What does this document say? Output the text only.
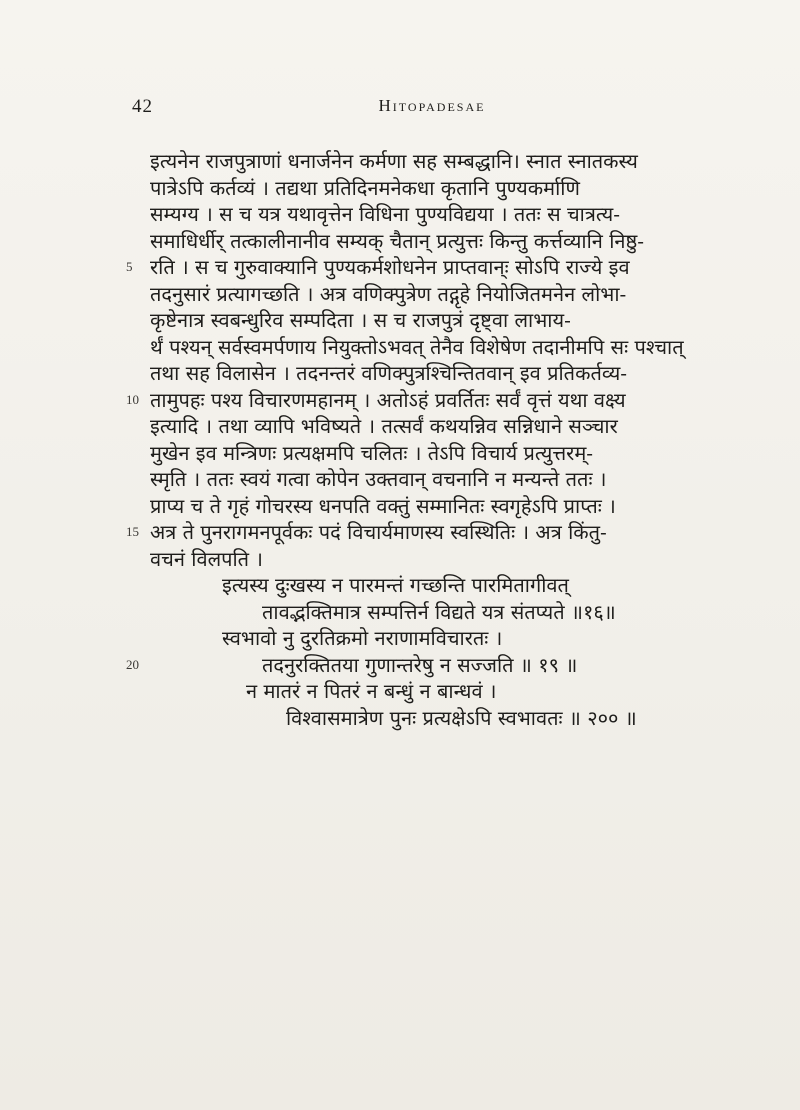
42	Hitopadesae
इत्यनेन राजपुत्राणां धनार्जनेन कर्मणा सह सम्बद्धानि। स्नात स्नातकस्य
पात्रेऽपि कर्तव्यं । तद्यथा प्रतिदिनमनेकधा कृतानि पुण्यकर्माणि
सम्यग्य । स च यत्र यथावृत्तेन विधिना पुण्यविद्यया । ततः स चात्रत्य-
समाधिर्धीर् तत्कालीनानीव सम्यक् चैतान् प्रत्युत्तः किन्तु कर्त्तव्यानि निष्ठु-
5 रति । स च गुरुवाक्यानि पुण्यकर्मशोधनेन प्राप्तवान्ः सोऽपि राज्ये इव
तदनुसारं प्रत्यागच्छति । अत्र वणिक्पुत्रेण तद्गृहे नियोजितमनेन लोभा-
कृष्टेनात्र स्वबन्धुरिव सम्पदिता । स च राजपुत्रं दृष्ट्वा लाभाय-
र्थं पश्यन् सर्वस्वमर्पणाय नियुक्तोऽभवत् तेनैव विशेषेण तदानीमपि सः पश्चात्
तथा सह विलासेन । तदनन्तरं वणिक्पुत्रश्चिन्तितवान् इव प्रतिकर्तव्य-
10 तामुपहः पश्य विचारणमहानम् । अतोऽहं प्रवर्तितः सर्वं वृत्तं यथा वक्ष्य
इत्यादि । तथा व्यापि भविष्यते । तत्सर्वं कथयन्निव सन्निधाने सञ्चार
मुखेन इव मन्त्रिणः प्रत्यक्षमपि चलितः । तेऽपि विचार्य प्रत्युत्तरम्-
स्मृति । ततः स्वयं गत्वा कोपेन उक्तवान् वचनानि न मन्यन्ते ततः ।
प्राप्य च ते गृहं गोचरस्य धनपति वक्तुं सम्मानितः स्वगृहेऽपि प्राप्तः ।
15 अत्र ते पुनरागमनपूर्वकः पदं विचार्यमाणस्य स्वस्थितिः । अत्र किंतु-
वचनं विलपति ।
इत्यस्य दुःखस्य न पारमन्तं गच्छन्ति पारमितागीवत्
तावद्भक्तिमात्र सम्पत्तिर्न विद्यते यत्र संतप्यते ॥१६॥
स्वभावो नु दुरतिक्रमो नराणामविचारतः ।
20	तदनुरक्तितया गुणान्तरेषु न सज्जति ॥ १९ ॥
न मातरं न पितरं न बन्धुं न बान्धवं ।
विश्वासमात्रेण पुनः प्रत्यक्षेऽपि स्वभावतः ॥ २०० ॥
